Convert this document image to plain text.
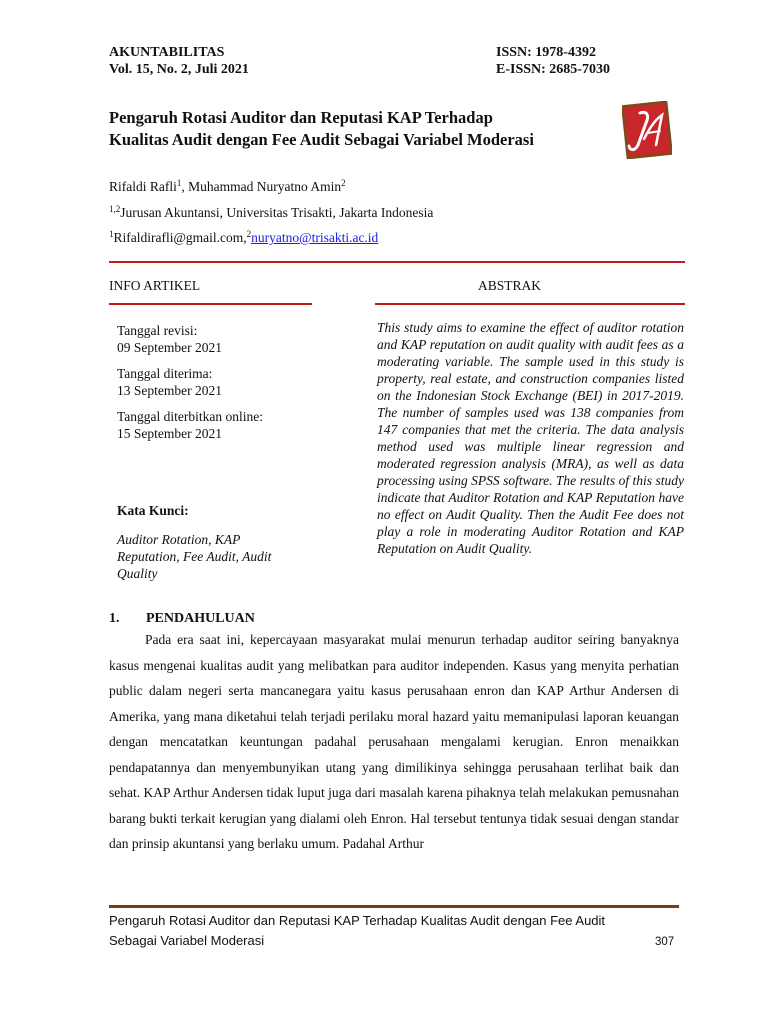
AKUNTABILITAS
Vol. 15, No. 2, Juli 2021
ISSN: 1978-4392
E-ISSN: 2685-7030
Pengaruh Rotasi Auditor dan Reputasi KAP Terhadap
Kualitas Audit dengan Fee Audit Sebagai Variabel Moderasi
Rifaldi Rafli$^1$, Muhammad Nuryatno Amin$^2$
$^{1,2}$Jurusan Akuntansi, Universitas Trisakti, Jakarta Indonesia
$^1$Rifaldirafli@gmail.com,$^2$nuryatno@trisakti.ac.id
INFO ARTIKEL	ABSTRAK

Tanggal revisi:

09 September 2021

Tanggal diterima:

13 September 2021

Tanggal diterbitkan online:

15 September 2021

Kata Kunci:
Auditor Rotation, KAP
Reputation, Fee Audit, Audit
Quality
This study aims to examine the effect of auditor rotation and KAP reputation on audit quality with audit fees as a moderating variable. The sample used in this study is property, real estate, and construction companies listed on the Indonesian Stock Exchange (BEI) in 2017-2019. The number of samples used was 138 companies from 147 companies that met the criteria. The data analysis method used was multiple linear regression and moderated regression analysis (MRA), as well as data processing using SPSS software. The results of this study indicate that Auditor Rotation and KAP Reputation have no effect on Audit Quality. Then the Audit Fee does not play a role in moderating Auditor Rotation and KAP Reputation on Audit Quality.
1. PENDAHULUAN
Pada era saat ini, kepercayaan masyarakat mulai menurun terhadap auditor seiring banyaknya kasus mengenai kualitas audit yang melibatkan para auditor independen. Kasus yang menyita perhatian public dalam negeri serta mancanegara yaitu kasus perusahaan enron dan KAP Arthur Andersen di Amerika, yang mana diketahui telah terjadi perilaku moral hazard yaitu memanipulasi laporan keuangan dengan mencatatkan keuntungan padahal perusahaan mengalami kerugian. Enron menaikkan pendapatannya dan menyembunyikan utang yang dimilikinya sehingga perusahaan terlihat baik dan sehat. KAP Arthur Andersen tidak luput juga dari masalah karena pihaknya telah melakukan pemusnahan barang bukti terkait kerugian yang dialami oleh Enron. Hal tersebut tentunya tidak sesuai dengan standar dan prinsip akuntansi yang berlaku umum. Padahal Arthur
Pengaruh Rotasi Auditor dan Reputasi KAP Terhadap Kualitas Audit dengan Fee Audit
Sebagai Variabel Moderasi	307
